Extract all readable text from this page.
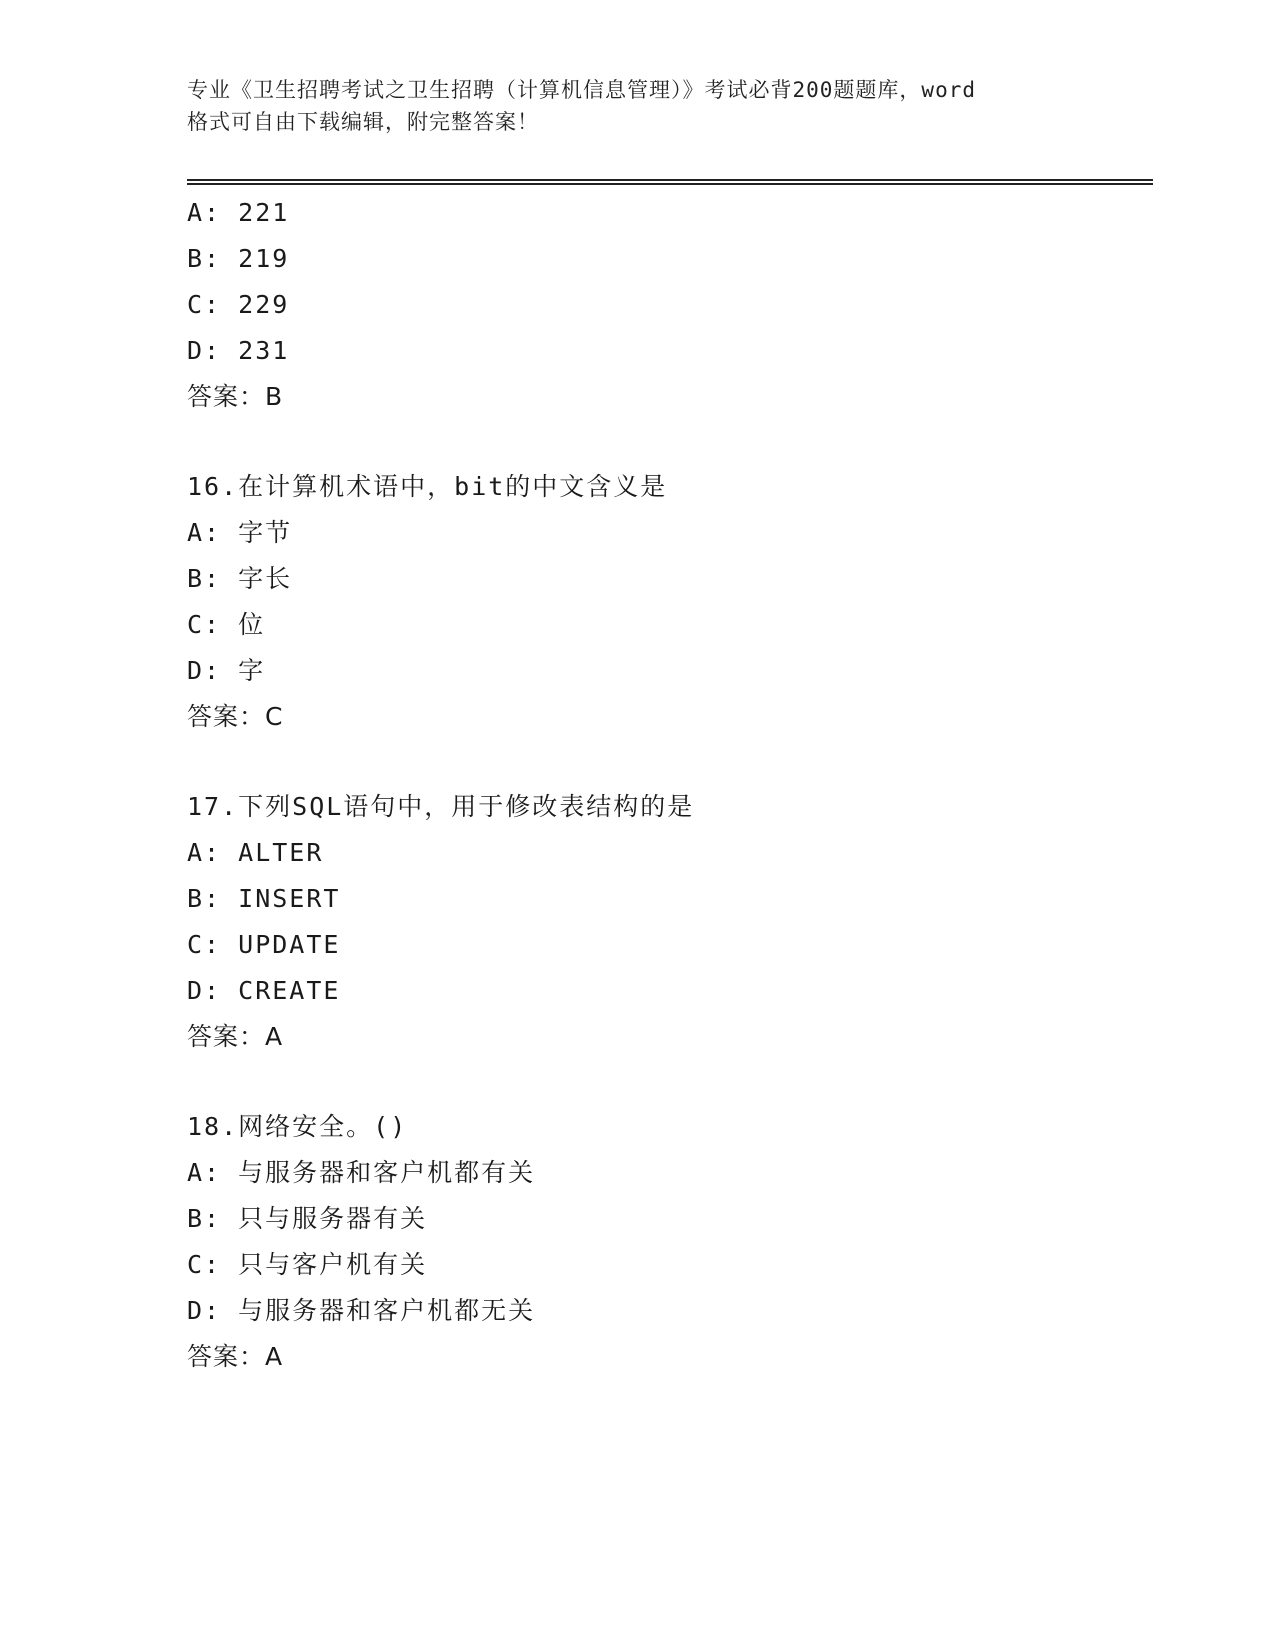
专业《卫生招聘考试之卫生招聘（计算机信息管理）》考试必背200题题库，word
格式可自由下载编辑，附完整答案！
A: 221
B: 219
C: 229
D: 231
答案：B
16.在计算机术语中，bit的中文含义是
A: 字节
B: 字长
C: 位
D: 字
答案：C
17.下列SQL语句中，用于修改表结构的是
A: ALTER
B: INSERT
C: UPDATE
D: CREATE
答案：A
18.网络安全。()
A: 与服务器和客户机都有关
B: 只与服务器有关
C: 只与客户机有关
D: 与服务器和客户机都无关
答案：A
